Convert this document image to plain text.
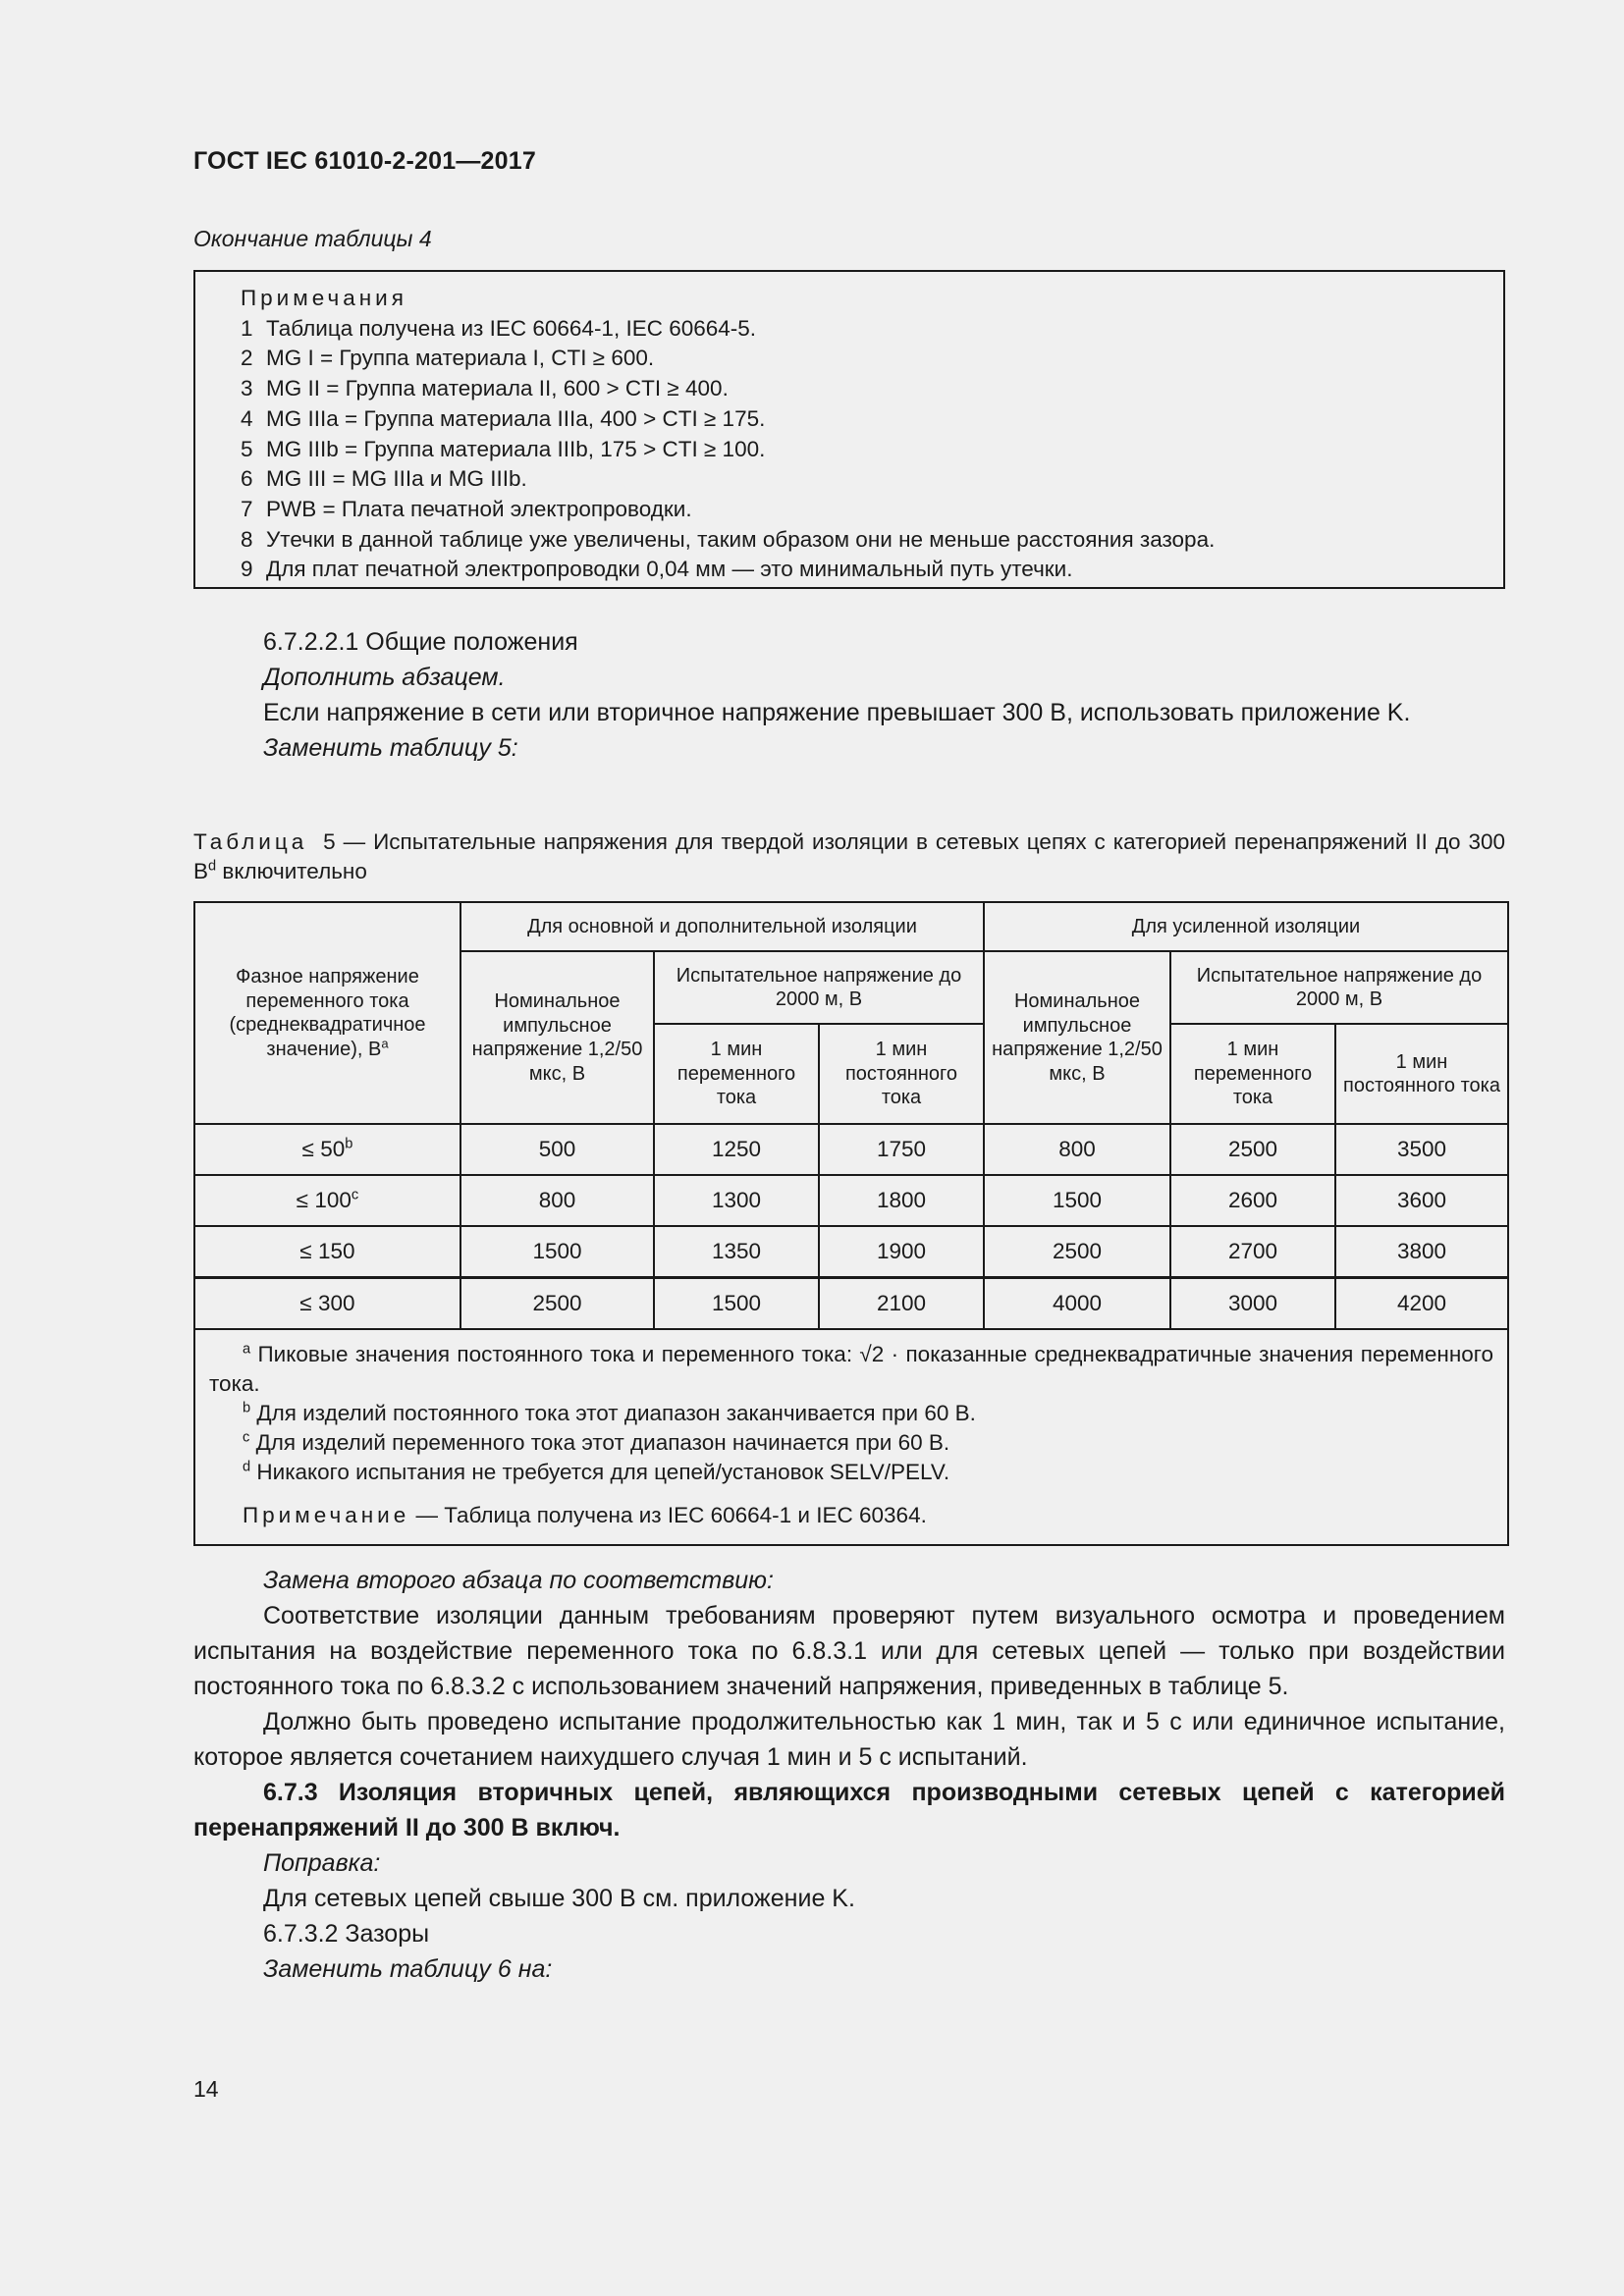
ГОСТ IEC 61010-2-201—2017
Окончание таблицы 4
Примечания
1 Таблица получена из IEC 60664-1, IEC 60664-5.
2 MG I = Группа материала I, CTI ≥ 600.
3 MG II = Группа материала II, 600 > CTI ≥ 400.
4 MG IIIa = Группа материала IIIa, 400 > CTI ≥ 175.
5 MG IIIb = Группа материала IIIb, 175 > CTI ≥ 100.
6 MG III = MG IIIa и MG IIIb.
7 PWB = Плата печатной электропроводки.
8 Утечки в данной таблице уже увеличены, таким образом они не меньше расстояния зазора.
9 Для плат печатной электропроводки 0,04 мм — это минимальный путь утечки.

6.7.2.2.1 Общие положения

Дополнить абзацем.

Если напряжение в сети или вторичное напряжение превышает 300 В, использовать приложение K.

Заменить таблицу 5:

Таблица 5 — Испытательные напряжения для твердой изоляции в сетевых цепях с категорией перенапряжений II до 300 $В^d$ включительно
Фазное напряжение переменного тока (среднеквадратичное значение), $В^a$	Для основной и дополнительной изоляции			Для усиленной изоляции		
	Номинальное импульсное напряжение 1,2/50 мкс, В	Испытательное напряжение до 2000 м, В		Номинальное импульсное напряжение 1,2/50 мкс, В	Испытательное напряжение до 2000 м, В	
		1 мин переменного тока	1 мин постоянного тока		1 мин переменного тока	1 мин постоянного тока
≤ $50^b$	500	1250	1750	800	2500	3500
≤ $100^c$	800	1300	1800	1500	2600	3600
≤ 150	1500	1350	1900	2500	2700	3800
≤ 300	2500	1500	2100	4000	3000	4200

$^a$ Пиковые значения постоянного тока и переменного тока: √2 · показанные среднеквадратичные значения переменного тока.

$^b$ Для изделий постоянного тока этот диапазон заканчивается при 60 В.

$^c$ Для изделий переменного тока этот диапазон начинается при 60 В.

$^d$ Никакого испытания не требуется для цепей/установок SELV/PELV.

Примечание — Таблица получена из IEC 60664-1 и IEC 60364.						

Замена второго абзаца по соответствию:

Соответствие изоляции данным требованиям проверяют путем визуального осмотра и проведением испытания на воздействие переменного тока по 6.8.3.1 или для сетевых цепей — только при воздействии постоянного тока по 6.8.3.2 с использованием значений напряжения, приведенных в таблице 5.

Должно быть проведено испытание продолжительностью как 1 мин, так и 5 с или единичное испытание, которое является сочетанием наихудшего случая 1 мин и 5 с испытаний.

6.7.3 Изоляция вторичных цепей, являющихся производными сетевых цепей с категорией перенапряжений II до 300 В включ.

Поправка:

Для сетевых цепей свыше 300 В см. приложение K.

6.7.3.2 Зазоры

Заменить таблицу 6 на:

14
